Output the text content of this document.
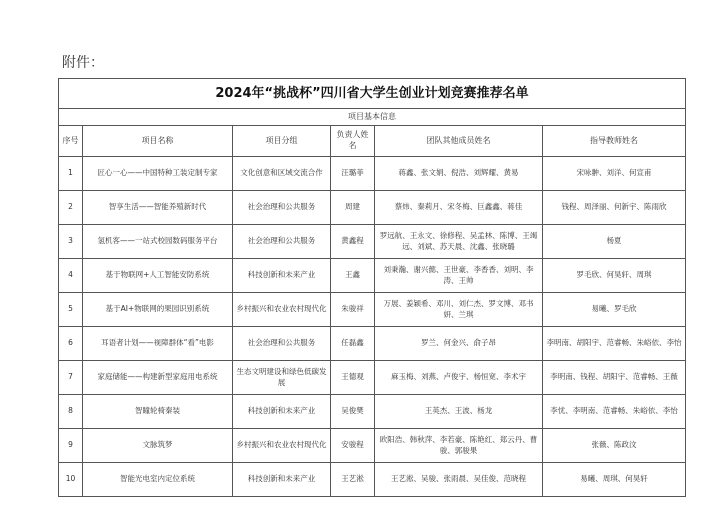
附件：
2024年“挑战杯”四川省大学生创业计划竞赛推荐名单					
项目基本信息					
序号	项目名称	项目分组	负责人姓名	团队其他成员姓名	指导教师姓名
1	匠心一心——中国特种工装定制专家	文化创意和区域交流合作	汪璐菲	蒋鑫、张文娟、倪浩、刘辉耀、黄易	宋咏翀、刘洋、何宣甫
2	智享生活——智能养殖新时代	社会治理和公共服务	周建	蔡炜、秦莉月、宋冬梅、巨鑫鑫、蒋佳	钱程、周泽丽、何新宇、陈雨欣
3	氢机客——一站式校园数码服务平台	社会治理和公共服务	黄鑫程	罗远航、王永文、徐修程、吴孟林、陈博、王竭远、刘斌、苏天晨、沈鑫、张晓璐	杨夏
4	基于物联网+人工智能安防系统	科技创新和未来产业	王鑫	刘秉瀚、谢兴懿、王世豪、李香香、刘明、李涛、王帅	罗毛欣、何昊轩、周琪
5	基于AI+物联网的果园识别系统	乡村振兴和农业农村现代化	朱骏祥	万展、姜颖希、邓川、刘仁杰、罗文博、邓书妍、兰琪	易曦、罗毛欣
6	耳语者计划——视障群体“看”电影	社会治理和公共服务	任磊鑫	罗兰、何金兴、俞子昂	李明南、胡阳宇、范睿畅、朱峪依、李怡
7	家庭储能——构建新型家庭用电系统	生态文明建设和绿色低碳发展	王德观	麻玉梅、刘燕、卢俊宇、杨恒宽、李术宇	李明南、钱程、胡阳宇、范睿畅、王薇
8	智瞳轮椅秦装	科技创新和未来产业	吴俊樊	王英杰、王波、杨龙	李忧、李明南、范睿畅、朱峪依、李怡
9	文脉筑梦	乡村振兴和农业农村现代化	安骏程	欧阳浩、韩秋萍、李若豪、陈艳红、郑云丹、曹骏、郭骏果	张薇、陈政汶
10	智能光电室内定位系统	科技创新和未来产业	王艺淞	王艺淞、吴骏、张雨晨、吴佳俊、范晓程	易曦、周琪、何昊轩
